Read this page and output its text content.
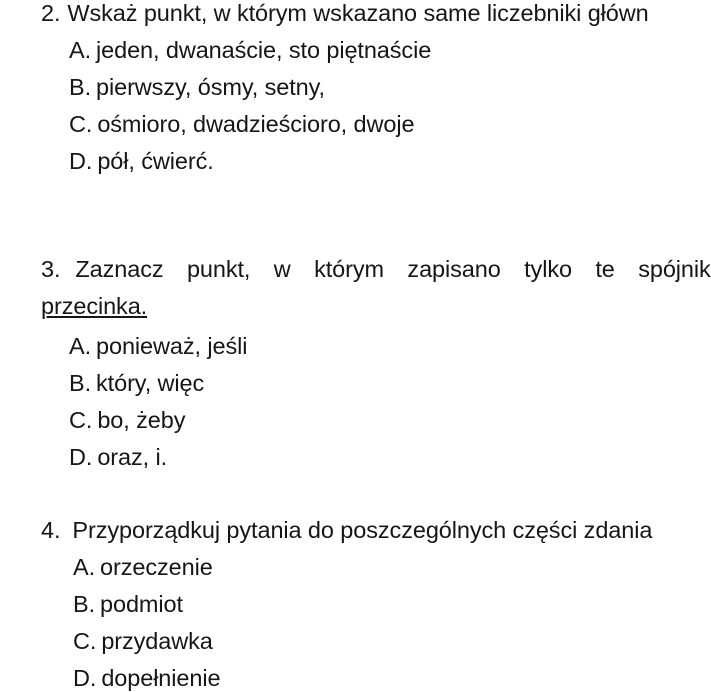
2. Wskaż punkt, w którym wskazano same liczebniki główn
A. jeden, dwanaście, sto piętnaście
B. pierwszy, ósmy, setny,
C. ośmioro, dwadzieścioro, dwoje
D. pół, ćwierć.
3. Zaznacz punkt, w którym zapisano tylko te spójnik
przecinka.
A. ponieważ, jeśli
B. który, więc
C. bo, żeby
D. oraz, i.
4. Przyporządkuj pytania do poszczególnych części zdania
A. orzeczenie
B. podmiot
C. przydawka
D. dopełnienie
